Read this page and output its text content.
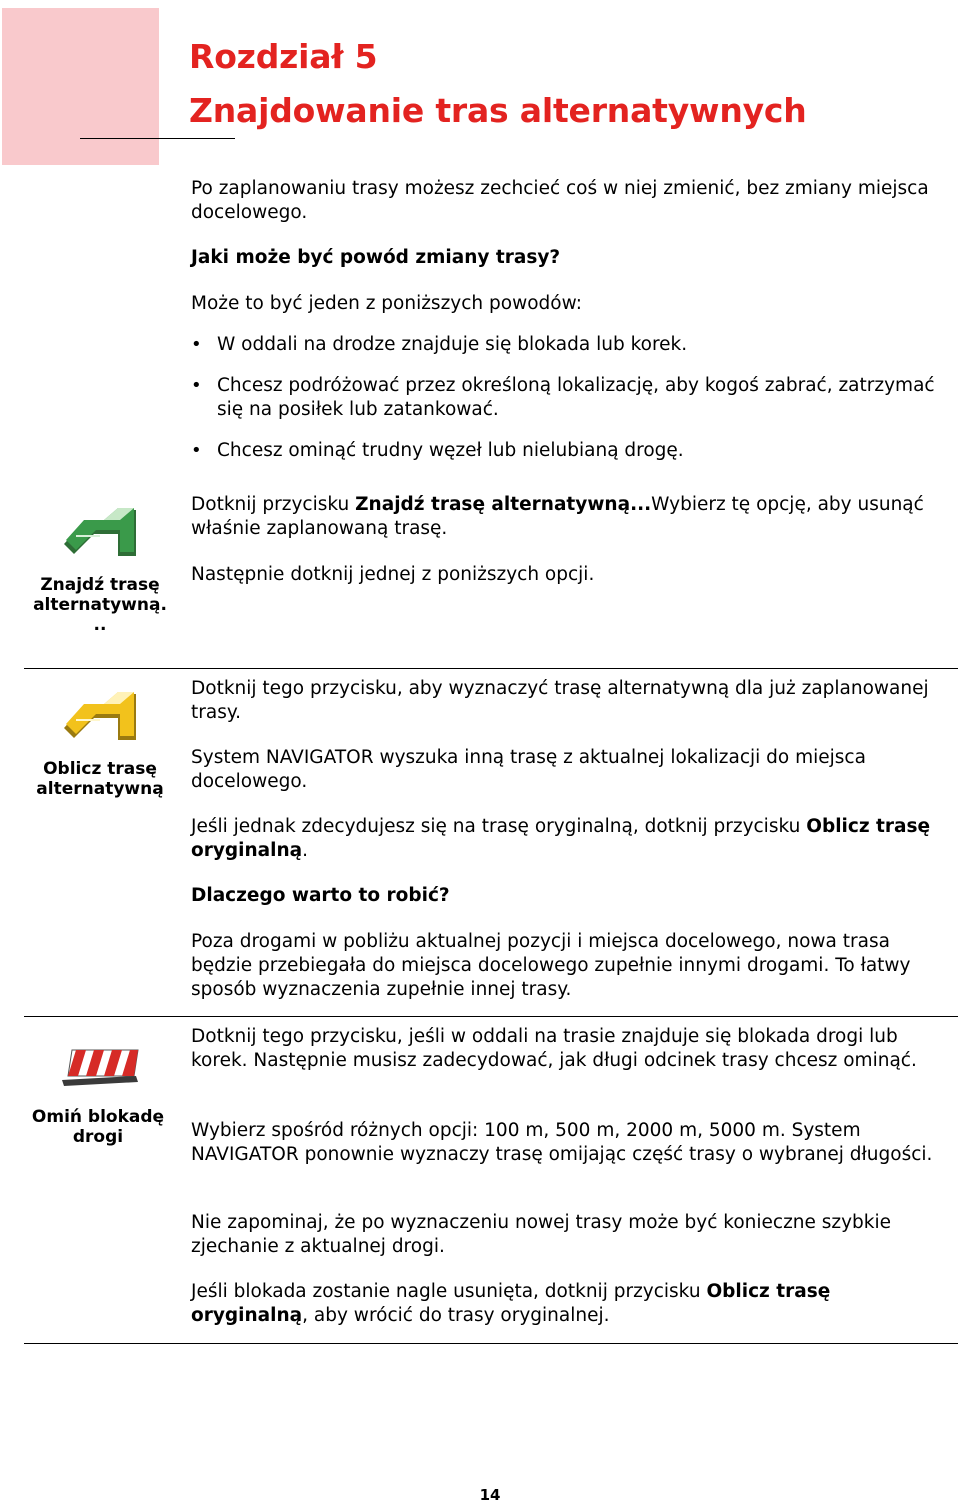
Rozdział 5
Znajdowanie tras alternatywnych

Po zaplanowaniu trasy możesz zechcieć coś w niej zmienić, bez zmiany miejsca docelowego.

Jaki może być powód zmiany trasy?

Może to być jeden z poniższych powodów:

• W oddali na drodze znajduje się blokada lub korek.

• Chcesz podróżować przez określoną lokalizację, aby kogoś zabrać, zatrzymać się na posiłek lub zatankować.

• Chcesz ominąć trudny węzeł lub nielubianą drogę.

Znajdź trasę
alternatywną.
..

Dotknij przycisku Znajdź trasę alternatywną...Wybierz tę opcję, aby usunąć właśnie zaplanowaną trasę.

Następnie dotknij jednej z poniższych opcji.

Oblicz trasę
alternatywną

Dotknij tego przycisku, aby wyznaczyć trasę alternatywną dla już zaplanowanej trasy.

System NAVIGATOR wyszuka inną trasę z aktualnej lokalizacji do miejsca docelowego.

Jeśli jednak zdecydujesz się na trasę oryginalną, dotknij przycisku Oblicz trasę oryginalną.

Dlaczego warto to robić?

Poza drogami w pobliżu aktualnej pozycji i miejsca docelowego, nowa trasa będzie przebiegała do miejsca docelowego zupełnie innymi drogami. To łatwy sposób wyznaczenia zupełnie innej trasy.

Omiń blokadę
drogi

Dotknij tego przycisku, jeśli w oddali na trasie znajduje się blokada drogi lub korek. Następnie musisz zadecydować, jak długi odcinek trasy chcesz ominąć.

Wybierz spośród różnych opcji: 100 m, 500 m, 2000 m, 5000 m. System NAVIGATOR ponownie wyznaczy trasę omijając część trasy o wybranej długości.

Nie zapominaj, że po wyznaczeniu nowej trasy może być konieczne szybkie zjechanie z aktualnej drogi.

Jeśli blokada zostanie nagle usunięta, dotknij przycisku Oblicz trasę oryginalną, aby wrócić do trasy oryginalnej.

14
